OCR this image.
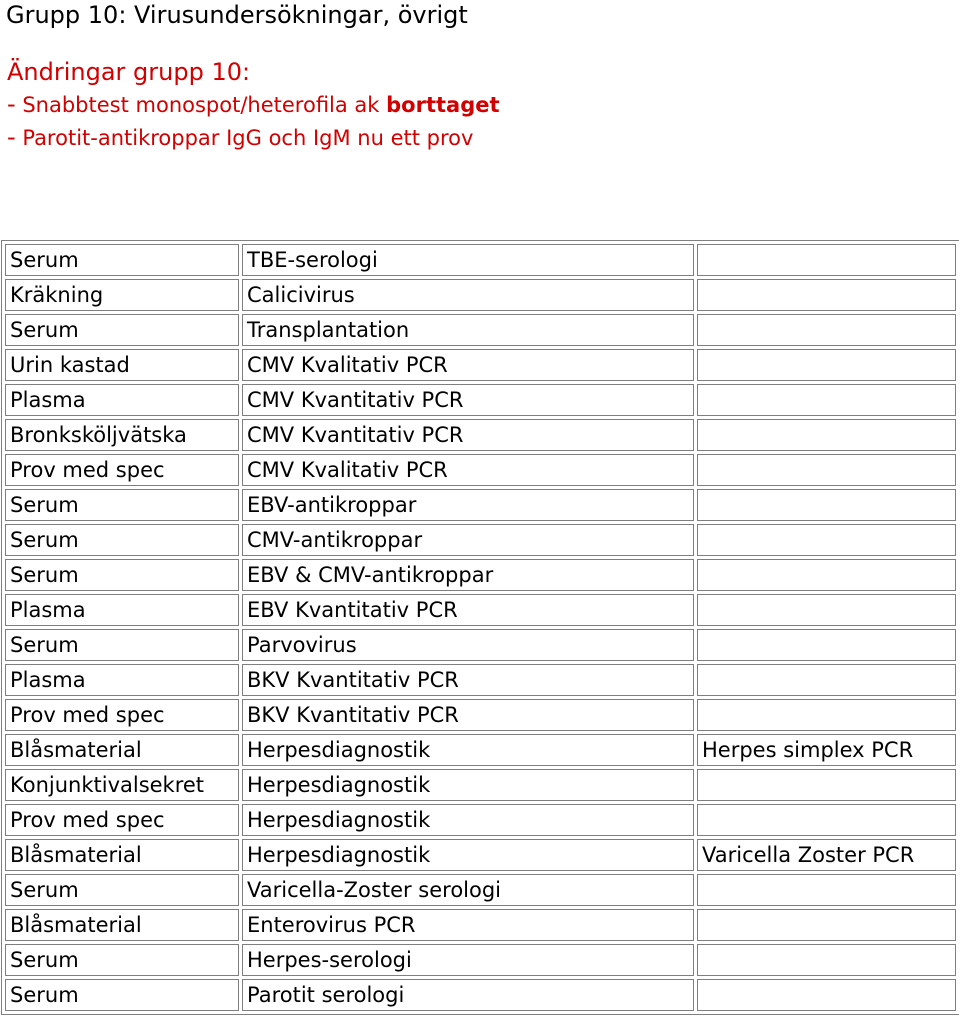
Grupp 10: Virusundersökningar, övrigt
Ändringar grupp 10:
- Snabbtest monospot/heterofila ak borttaget
- Parotit-antikroppar IgG och IgM nu ett prov
Serum	TBE-serologi	
Kräkning	Calicivirus	
Serum	Transplantation	
Urin kastad	CMV Kvalitativ PCR	
Plasma	CMV Kvantitativ PCR	
Bronksköljvätska	CMV Kvantitativ PCR	
Prov med spec	CMV Kvalitativ PCR	
Serum	EBV-antikroppar	
Serum	CMV-antikroppar	
Serum	EBV & CMV-antikroppar	
Plasma	EBV Kvantitativ PCR	
Serum	Parvovirus	
Plasma	BKV Kvantitativ PCR	
Prov med spec	BKV Kvantitativ PCR	
Blåsmaterial	Herpesdiagnostik	Herpes simplex PCR
Konjunktivalsekret	Herpesdiagnostik	
Prov med spec	Herpesdiagnostik	
Blåsmaterial	Herpesdiagnostik	Varicella Zoster PCR
Serum	Varicella-Zoster serologi	
Blåsmaterial	Enterovirus PCR	
Serum	Herpes-serologi	
Serum	Parotit serologi	
